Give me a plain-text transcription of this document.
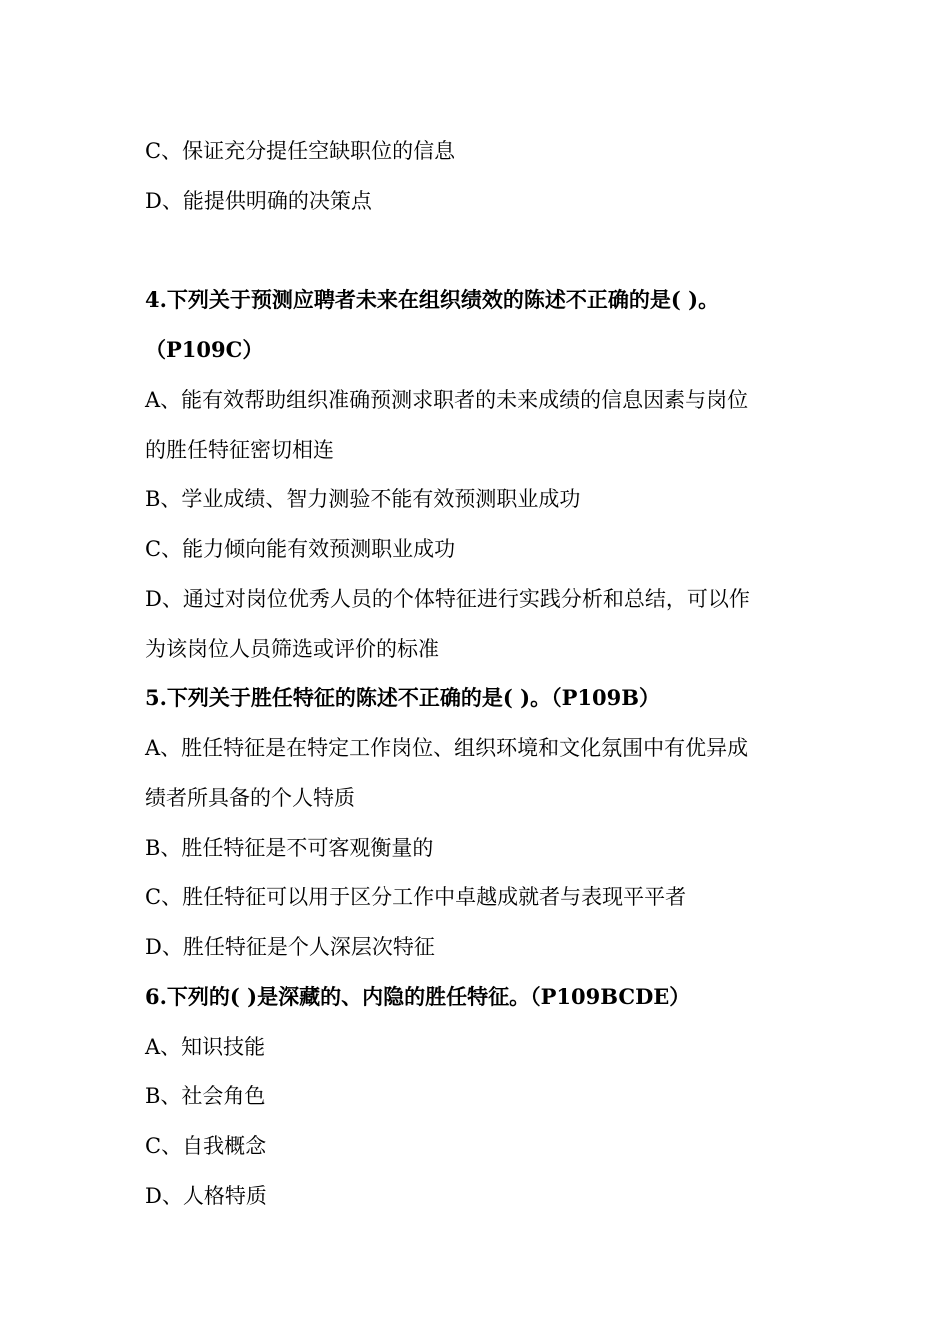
C、保证充分提任空缺职位的信息
D、能提供明确的决策点
4.下列关于预测应聘者未来在组织绩效的陈述不正确的是( )。
（P109C）
A、能有效帮助组织准确预测求职者的未来成绩的信息因素与岗位
的胜任特征密切相连
B、学业成绩、智力测验不能有效预测职业成功
C、能力倾向能有效预测职业成功
D、通过对岗位优秀人员的个体特征进行实践分析和总结，可以作
为该岗位人员筛选或评价的标准
5.下列关于胜任特征的陈述不正确的是( )。（P109B）
A、胜任特征是在特定工作岗位、组织环境和文化氛围中有优异成
绩者所具备的个人特质
B、胜任特征是不可客观衡量的
C、胜任特征可以用于区分工作中卓越成就者与表现平平者
D、胜任特征是个人深层次特征
6.下列的( )是深藏的、内隐的胜任特征。（P109BCDE）
A、知识技能
B、社会角色
C、自我概念
D、人格特质
